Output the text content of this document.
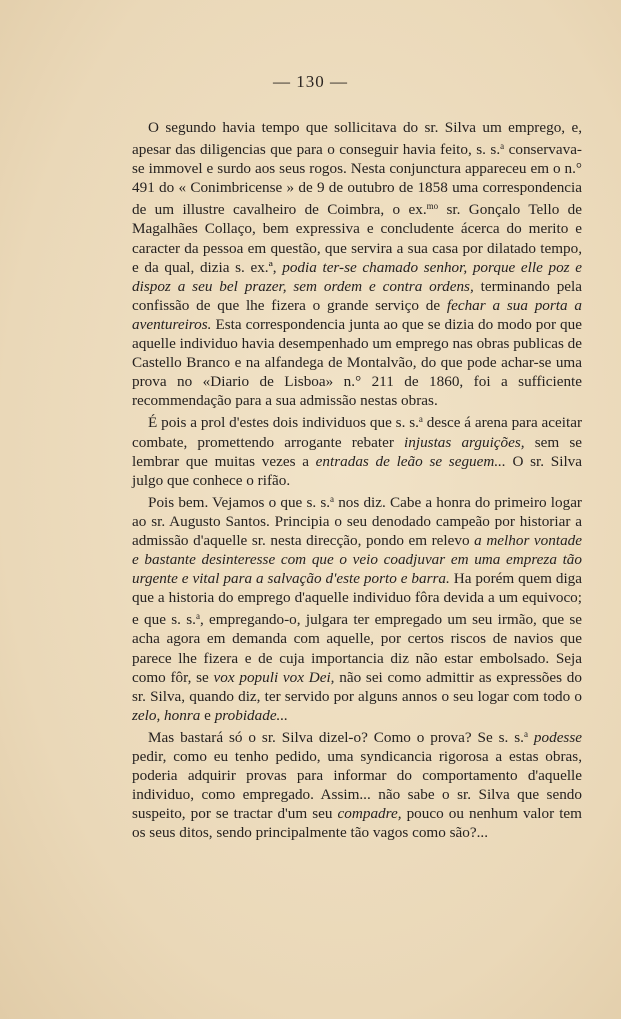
— 130 —

O segundo havia tempo que sollicitava do sr. Silva um emprego, e, apesar das diligencias que para o conseguir havia feito, s. s.$^a$ conservava-se immovel e surdo aos seus rogos. Nesta conjunctura appareceu em o n.° 491 do « Conimbricense » de 9 de outubro de 1858 uma correspondencia de um illustre cavalheiro de Coimbra, o ex.$^{mo}$ sr. Gonçalo Tello de Magalhães Collaço, bem expressiva e concludente ácerca do merito e caracter da pessoa em questão, que servira a sua casa por dilatado tempo, e da qual, dizia s. ex.ª, podia ter-se chamado senhor, porque elle poz e dispoz a seu bel prazer, sem ordem e contra ordens, terminando pela confissão de que lhe fizera o grande serviço de fechar a sua porta a aventureiros. Esta correspondencia junta ao que se dizia do modo por que aquelle individuo havia desempenhado um emprego nas obras publicas de Castello Branco e na alfandega de Montalvão, do que pode achar-se uma prova no «Diario de Lisboa» n.° 211 de 1860, foi a sufficiente recommendação para a sua admissão nestas obras.

É pois a prol d'estes dois individuos que s. s.$^a$ desce á arena para aceitar combate, promettendo arrogante rebater injustas arguições, sem se lembrar que muitas vezes a entradas de leão se seguem... O sr. Silva julgo que conhece o rifão.

Pois bem. Vejamos o que s. s.$^a$ nos diz. Cabe a honra do primeiro logar ao sr. Augusto Santos. Principia o seu denodado campeão por historiar a admissão d'aquelle sr. nesta direcção, pondo em relevo a melhor vontade e bastante desinteresse com que o veio coadjuvar em uma empreza tão urgente e vital para a salvação d'este porto e barra. Ha porém quem diga que a historia do emprego d'aquelle individuo fôra devida a um equivoco; e que s. s.$^a$, empregando-o, julgara ter empregado um seu irmão, que se acha agora em demanda com aquelle, por certos riscos de navios que parece lhe fizera e de cuja importancia diz não estar embolsado. Seja como fôr, se vox populi vox Dei, não sei como admittir as expressões do sr. Silva, quando diz, ter servido por alguns annos o seu logar com todo o zelo, honra e probidade...

Mas bastará só o sr. Silva dizel-o? Como o prova? Se s. s.$^a$ podesse pedir, como eu tenho pedido, uma syndicancia rigorosa a estas obras, poderia adquirir provas para informar do comportamento d'aquelle individuo, como empregado. Assim... não sabe o sr. Silva que sendo suspeito, por se tractar d'um seu compadre, pouco ou nenhum valor tem os seus ditos, sendo principalmente tão vagos como são?...
